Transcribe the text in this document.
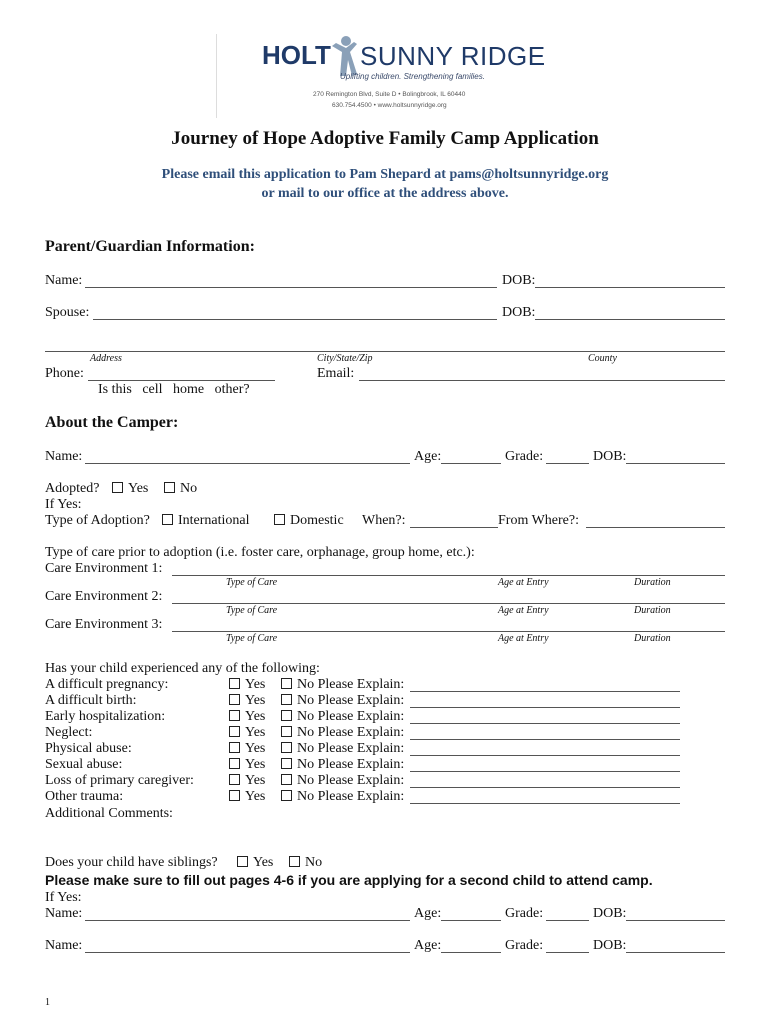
HOLT SUNNY RIDGE
Uplifting children. Strengthening families.
270 Remington Blvd, Suite D • Bolingbrook, IL 60440
630.754.4500 • www.holtsunnyridge.org
Journey of Hope Adoptive Family Camp Application
Please email this application to Pam Shepard at pams@holtsunnyridge.org
or mail to our office at the address above.
Parent/Guardian Information:
Name:	DOB:
Spouse:	DOB:
Address	City/State/Zip	County
Phone:	Email:
Is this   cell   home   other?
About the Camper:
Name:	Age:	Grade:	DOB:
Adopted?	Yes	No
If Yes:
Type of Adoption?	International	Domestic When?:	From Where?:
Type of care prior to adoption (i.e. foster care, orphanage, group home, etc.):
Care Environment 1:
Type of Care	Age at Entry	Duration
Care Environment 2:
Type of Care	Age at Entry	Duration
Care Environment 3:
Type of Care	Age at Entry	Duration
Has your child experienced any of the following:
A difficult pregnancy:	Yes	No Please Explain:
A difficult birth:	Yes	No Please Explain:
Early hospitalization:	Yes	No Please Explain:
Neglect:	Yes	No Please Explain:
Physical abuse:	Yes	No Please Explain:
Sexual abuse:	Yes	No Please Explain:
Loss of primary caregiver:	Yes	No Please Explain:
Other trauma:	Yes	No Please Explain:
Additional Comments:
Does your child have siblings?	Yes	No
Please make sure to fill out pages 4-6 if you are applying for a second child to attend camp.
If Yes:
Name:	Age:	Grade:	DOB:
Name:	Age:	Grade:	DOB:
1
